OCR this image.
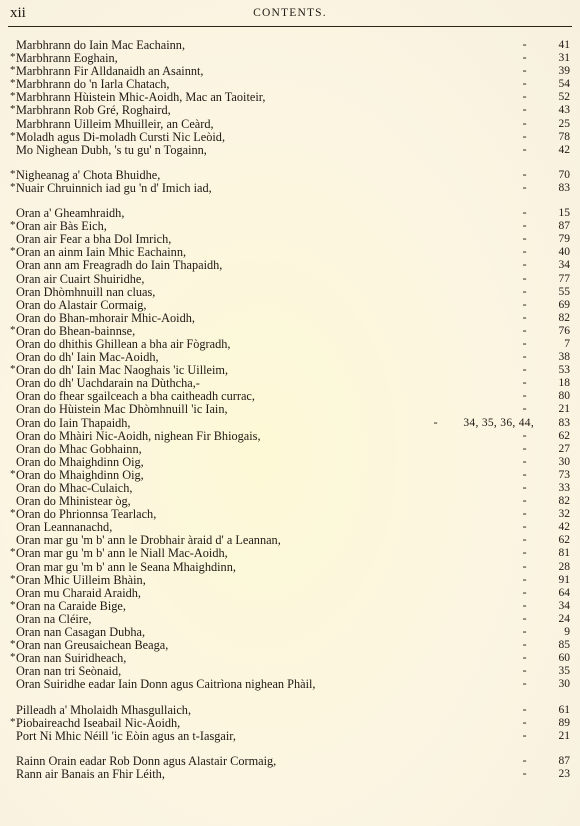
xii	CONTENTS.
-
Marbhrann do Iain Mac Eachainn,	41
-
* Marbhrann Eoghain,	31
-
* Marbhrann Fir Alldanaidh an Asainnt,	39
-
* Marbhrann do 'n Iarla Chatach,	54
-
* Marbhrann Hùistein Mhic-Aoidh, Mac an Taoiteir,	52
-
* Marbhrann Rob Gré, Roghaird,	43
-
Marbhrann Uilleim Mhuilleir, an Ceàrd,	25
-
* Moladh agus Di-moladh Cursti Nic Leòid,	78
-
Mo Nighean Dubh, 's tu gu' n Togainn,	42
-
* Nigheanag a' Chota Bhuidhe,	70
-
* Nuair Chruinnich iad gu 'n d' Imich iad,	83
-
Oran a' Gheamhraidh,	15
-
* Oran air Bàs Eich,	87
-
Oran air Fear a bha Dol Imrich,	79
-
* Oran an ainm Iain Mhic Eachainn,	40
-
Oran ann am Freagradh do Iain Thapaidh,	34
-
Oran air Cuairt Shuiridhe,	77
-
Oran Dhòmhnuill nan cluas,	55
-
Oran do Alastair Cormaig,	69
-
Oran do Bhan-mhorair Mhic-Aoidh,	82
-
* Oran do Bhean-bainnse,	76
-
Oran do dhithis Ghillean a bha air Fògradh,	7
-
Oran do dh' Iain Mac-Aoidh,	38
-
* Oran do dh' Iain Mac Naoghais 'ic Uilleim,	53
-
Oran do dh' Uachdarain na Dùthcha,-	18
-
Oran do fhear sgailceach a bha caitheadh currac,	80
-
Oran do Hùistein Mac Dhòmhnuill 'ic Iain,	21
-
Oran do Iain Thapaidh,	34, 35, 36, 44,	83
-
Oran do Mhàiri Nic-Aoidh, nighean Fir Bhiogais,	62
-
Oran do Mhac Gobhainn,	27
-
Oran do Mhaighdinn Oig,	30
-
* Oran do Mhaighdinn Oig,	73
-
Oran do Mhac-Culaich,	33
-
Oran do Mhinistear òg,	82
-
* Oran do Phrionnsa Tearlach,	32
-
Oran Leannanachd,	42
-
Oran mar gu 'm b' ann le Drobhair àraid d' a Leannan,	62
-
* Oran mar gu 'm b' ann le Niall Mac-Aoidh,	81
-
Oran mar gu 'm b' ann le Seana Mhaighdinn,	28
-
* Oran Mhic Uilleim Bhàin,	91
-
Oran mu Charaid Araidh,	64
-
* Oran na Caraide Bige,	34
-
Oran na Cléire,	24
-
Oran nan Casagan Dubha,	9
-
* Oran nan Greusaichean Beaga,	85
-
* Oran nan Suiridheach,	60
-
Oran nan tri Seònaid,	35
-
Oran Suiridhe eadar Iain Donn agus Caitrìona nighean Phàil,	30
-
Pilleadh a' Mholaidh Mhasgullaich,	61
-
* Piobaireachd Iseabail Nic-Aoidh,	89
-
Port Ni Mhic Néill 'ic Eòin agus an t-Iasgair,	21
-
Rainn Orain eadar Rob Donn agus Alastair Cormaig,	87
-
Rann air Banais an Fhir Léith,	23
